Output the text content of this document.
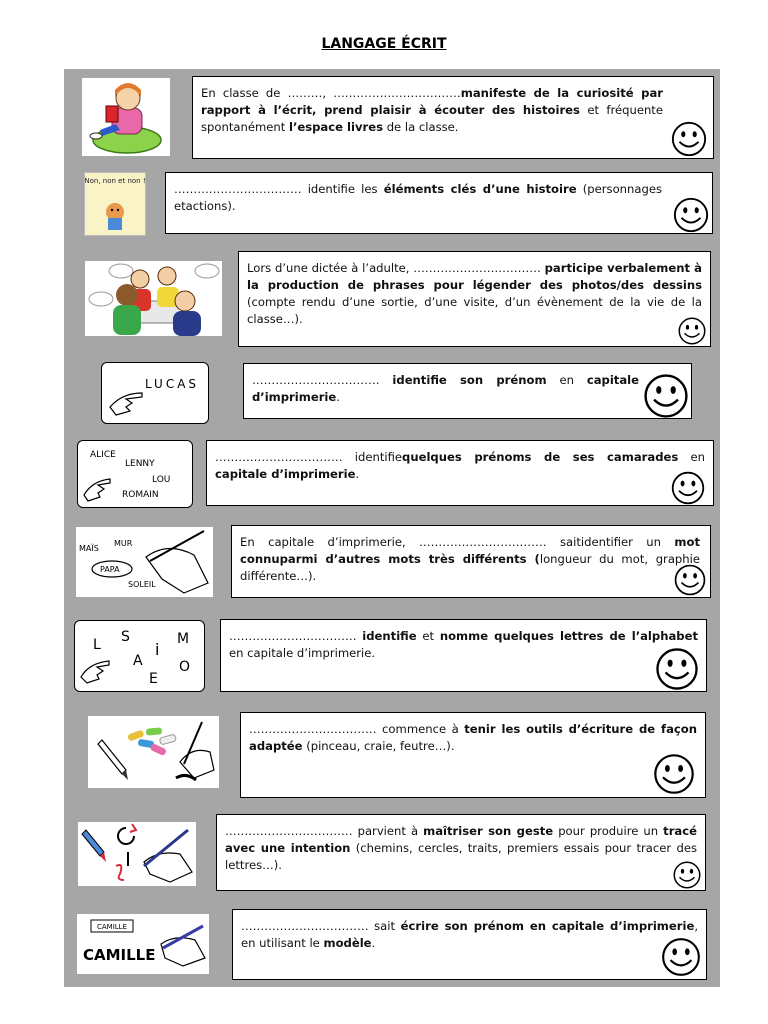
LANGAGE ÉCRIT
En classe de ………, ……………………………manifeste de la curiosité par rapport à l’écrit, prend plaisir à écouter des histoires et fréquente spontanément l’espace livres de la classe.
Non, non et non !
…………………………… identifie les éléments clés d’une histoire (personnages etactions).
Lors d’une dictée à l’adulte, …………………………… participe verbalement à la production de phrases pour légender des photos/des dessins (compte rendu d’une sortie, d’une visite, d’un évènement de la vie de la classe…).
LUCAS	…………………………… identifie son prénom en capitale d’imprimerie.
ALICE
LENNY
LOU
ROMAIN
…………………………… identifiequelques prénoms de ses camarades en capitale d’imprimerie.
MAÏS
MUR
PAPA
SOLEIL
En capitale d’imprimerie, …………………………… saitidentifier un mot connuparmi d’autres mots très différents (longueur du mot, graphie différente…).
S	M
L	i
A	O
E
…………………………… identifie et nomme quelques lettres de l’alphabet en capitale d’imprimerie.
…………………………… commence à tenir les outils d’écriture de façon adaptée (pinceau, craie, feutre…).
…………………………… parvient à maîtriser son geste pour produire un tracé avec une intention (chemins, cercles, traits, premiers essais pour tracer des lettres…).
CAMILLE
CAMILLE
…………………………… sait écrire son prénom en capitale d’imprimerie, en utilisant le modèle.
